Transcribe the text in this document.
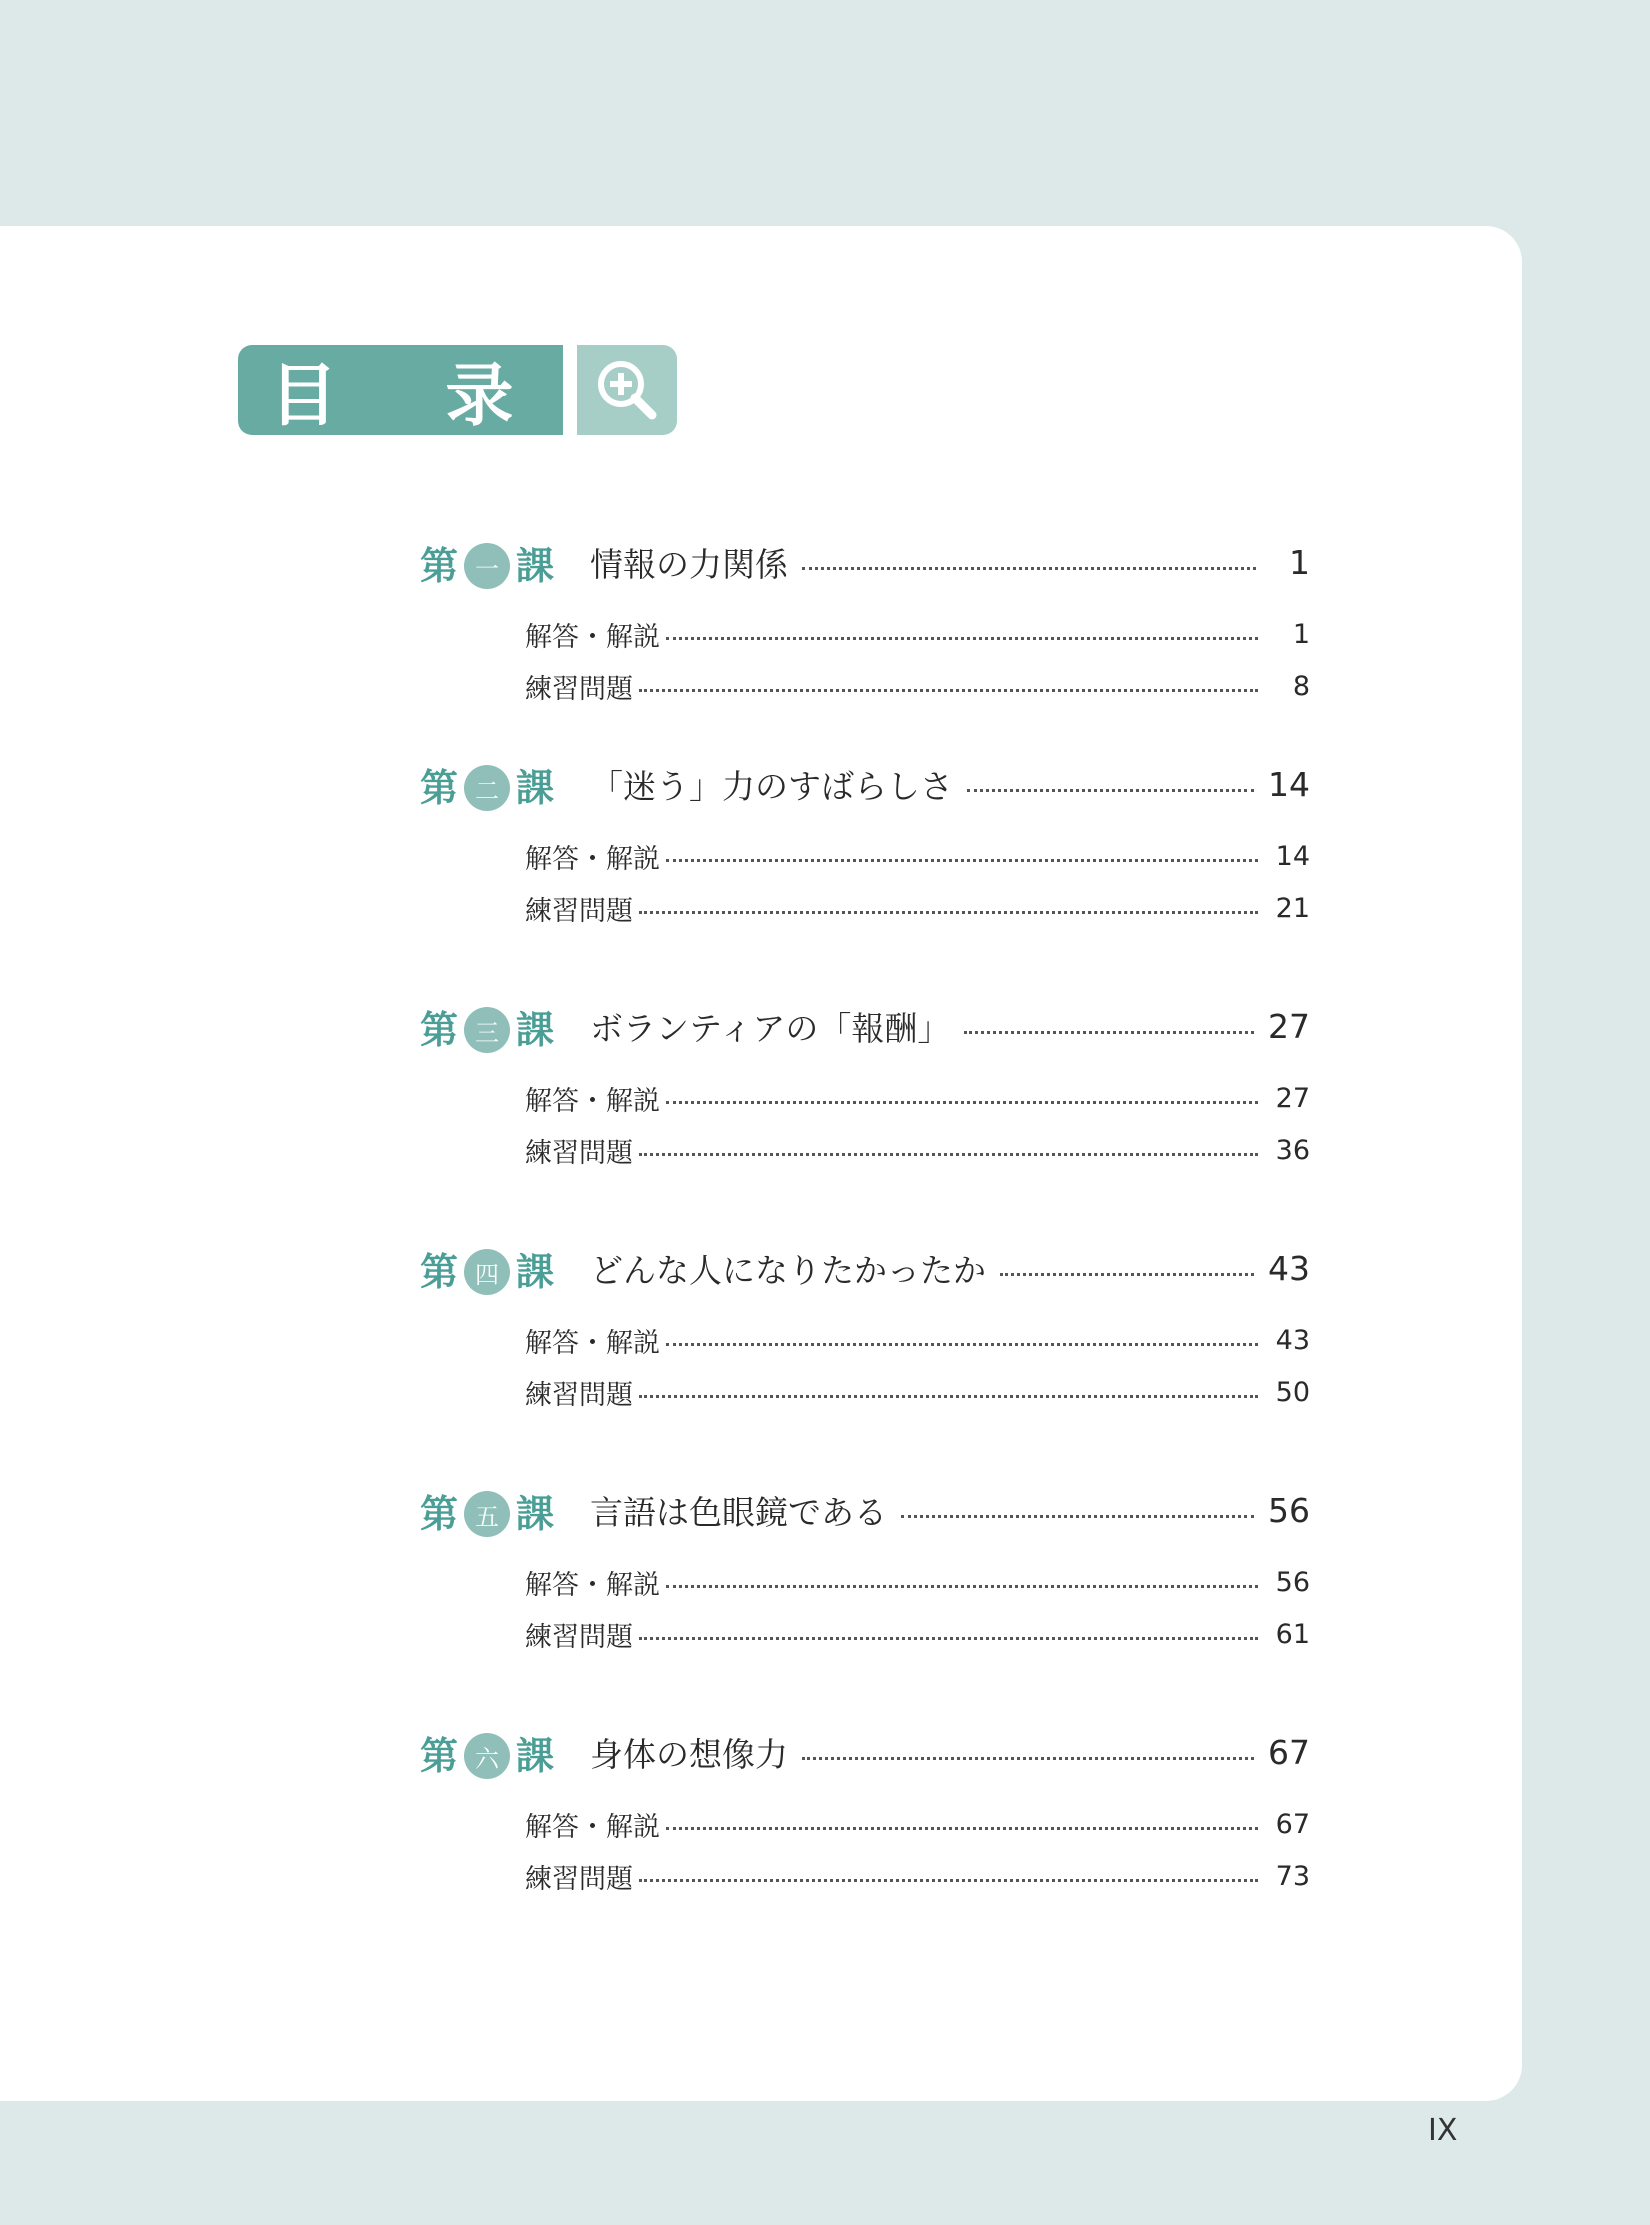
目 录
第 一 課 情報の力関係	1
解答・解説	1
練習問題	8
第 二 課 「迷う」力のすばらしさ	14
解答・解説	14
練習問題	21
第 三 課 ボランティアの「報酬」	27
解答・解説	27
練習問題	36
第 四 課 どんな人になりたかったか	43
解答・解説	43
練習問題	50
第 五 課 言語は色眼鏡である	56
解答・解説	56
練習問題	61
第 六 課 身体の想像力	67
解答・解説	67
練習問題	73
IX
